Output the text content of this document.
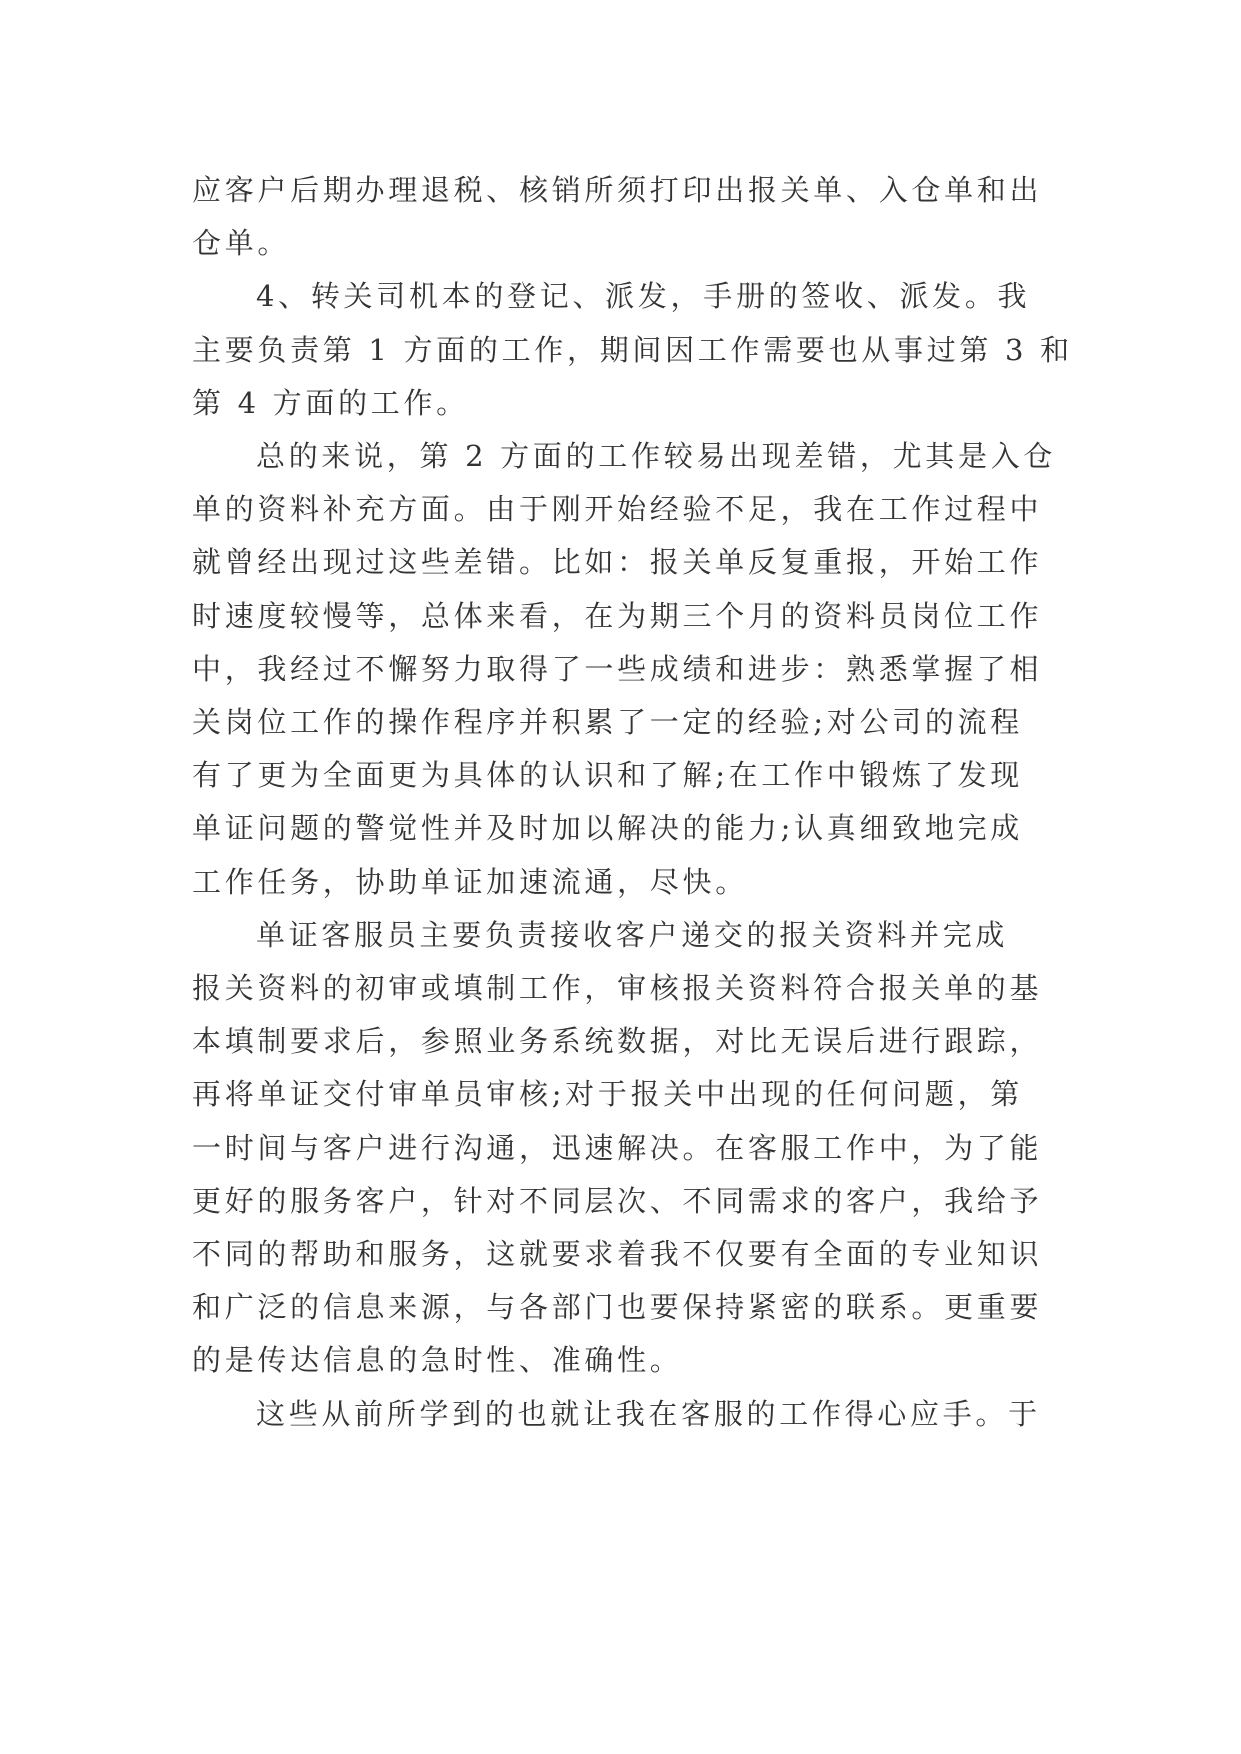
应客户后期办理退税、核销所须打印出报关单、入仓单和出

仓单。

4、转关司机本的登记、派发，手册的签收、派发。我

主要负责第 1 方面的工作，期间因工作需要也从事过第 3 和

第 4 方面的工作。

总的来说，第 2 方面的工作较易出现差错，尤其是入仓

单的资料补充方面。由于刚开始经验不足，我在工作过程中

就曾经出现过这些差错。比如：报关单反复重报，开始工作

时速度较慢等，总体来看，在为期三个月的资料员岗位工作

中，我经过不懈努力取得了一些成绩和进步：熟悉掌握了相

关岗位工作的操作程序并积累了一定的经验;对公司的流程

有了更为全面更为具体的认识和了解;在工作中锻炼了发现

单证问题的警觉性并及时加以解决的能力;认真细致地完成

工作任务，协助单证加速流通，尽快。

单证客服员主要负责接收客户递交的报关资料并完成

报关资料的初审或填制工作，审核报关资料符合报关单的基

本填制要求后，参照业务系统数据，对比无误后进行跟踪，

再将单证交付审单员审核;对于报关中出现的任何问题，第

一时间与客户进行沟通，迅速解决。在客服工作中，为了能

更好的服务客户，针对不同层次、不同需求的客户，我给予

不同的帮助和服务，这就要求着我不仅要有全面的专业知识

和广泛的信息来源，与各部门也要保持紧密的联系。更重要

的是传达信息的急时性、准确性。

这些从前所学到的也就让我在客服的工作得心应手。于
